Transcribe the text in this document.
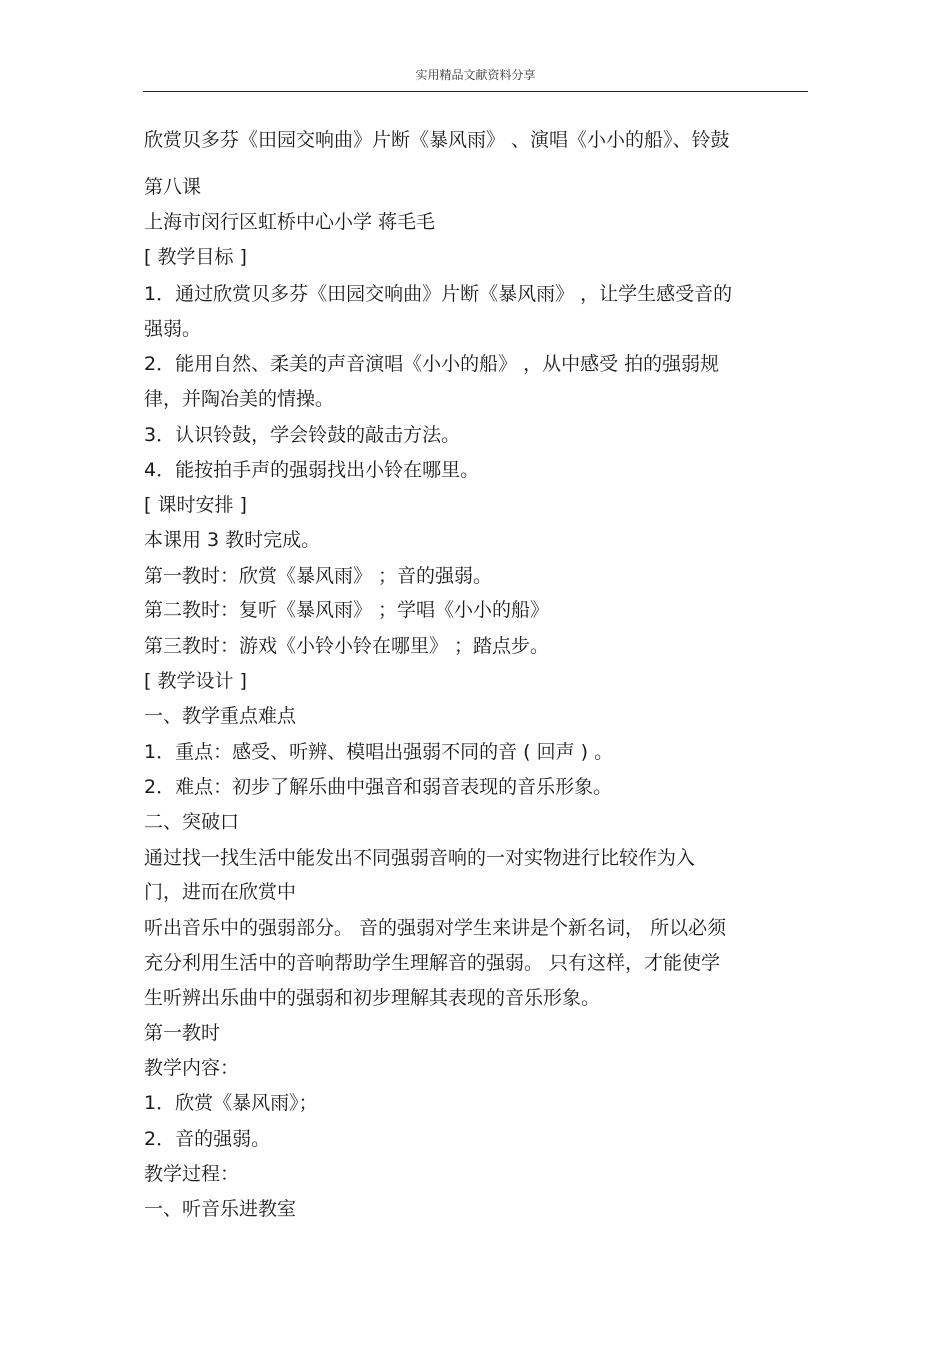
实用精品文献资料分享
欣赏贝多芬《田园交响曲》片断《暴风雨》 、演唱《小小的船》、铃鼓
第八课
上海市闵行区虹桥中心小学 蒋毛毛
[ 教学目标 ]
1．通过欣赏贝多芬《田园交响曲》片断《暴风雨》 ，让学生感受音的
强弱。
2．能用自然、柔美的声音演唱《小小的船》 ，从中感受 拍的强弱规
律，并陶冶美的情操。
3．认识铃鼓，学会铃鼓的敲击方法。
4．能按拍手声的强弱找出小铃在哪里。
[ 课时安排 ]
本课用 3 教时完成。
第一教时：欣赏《暴风雨》 ；音的强弱。
第二教时：复听《暴风雨》 ；学唱《小小的船》
第三教时：游戏《小铃小铃在哪里》 ；踏点步。
[ 教学设计 ]
一、教学重点难点
1．重点：感受、听辨、模唱出强弱不同的音 ( 回声 ) 。
2．难点：初步了解乐曲中强音和弱音表现的音乐形象。
二、突破口
通过找一找生活中能发出不同强弱音响的一对实物进行比较作为入
门，进而在欣赏中
听出音乐中的强弱部分。 音的强弱对学生来讲是个新名词， 所以必须
充分利用生活中的音响帮助学生理解音的强弱。 只有这样，才能使学
生听辨出乐曲中的强弱和初步理解其表现的音乐形象。
第一教时
教学内容：
1．欣赏《暴风雨》；
2．音的强弱。
教学过程：
一、听音乐进教室
